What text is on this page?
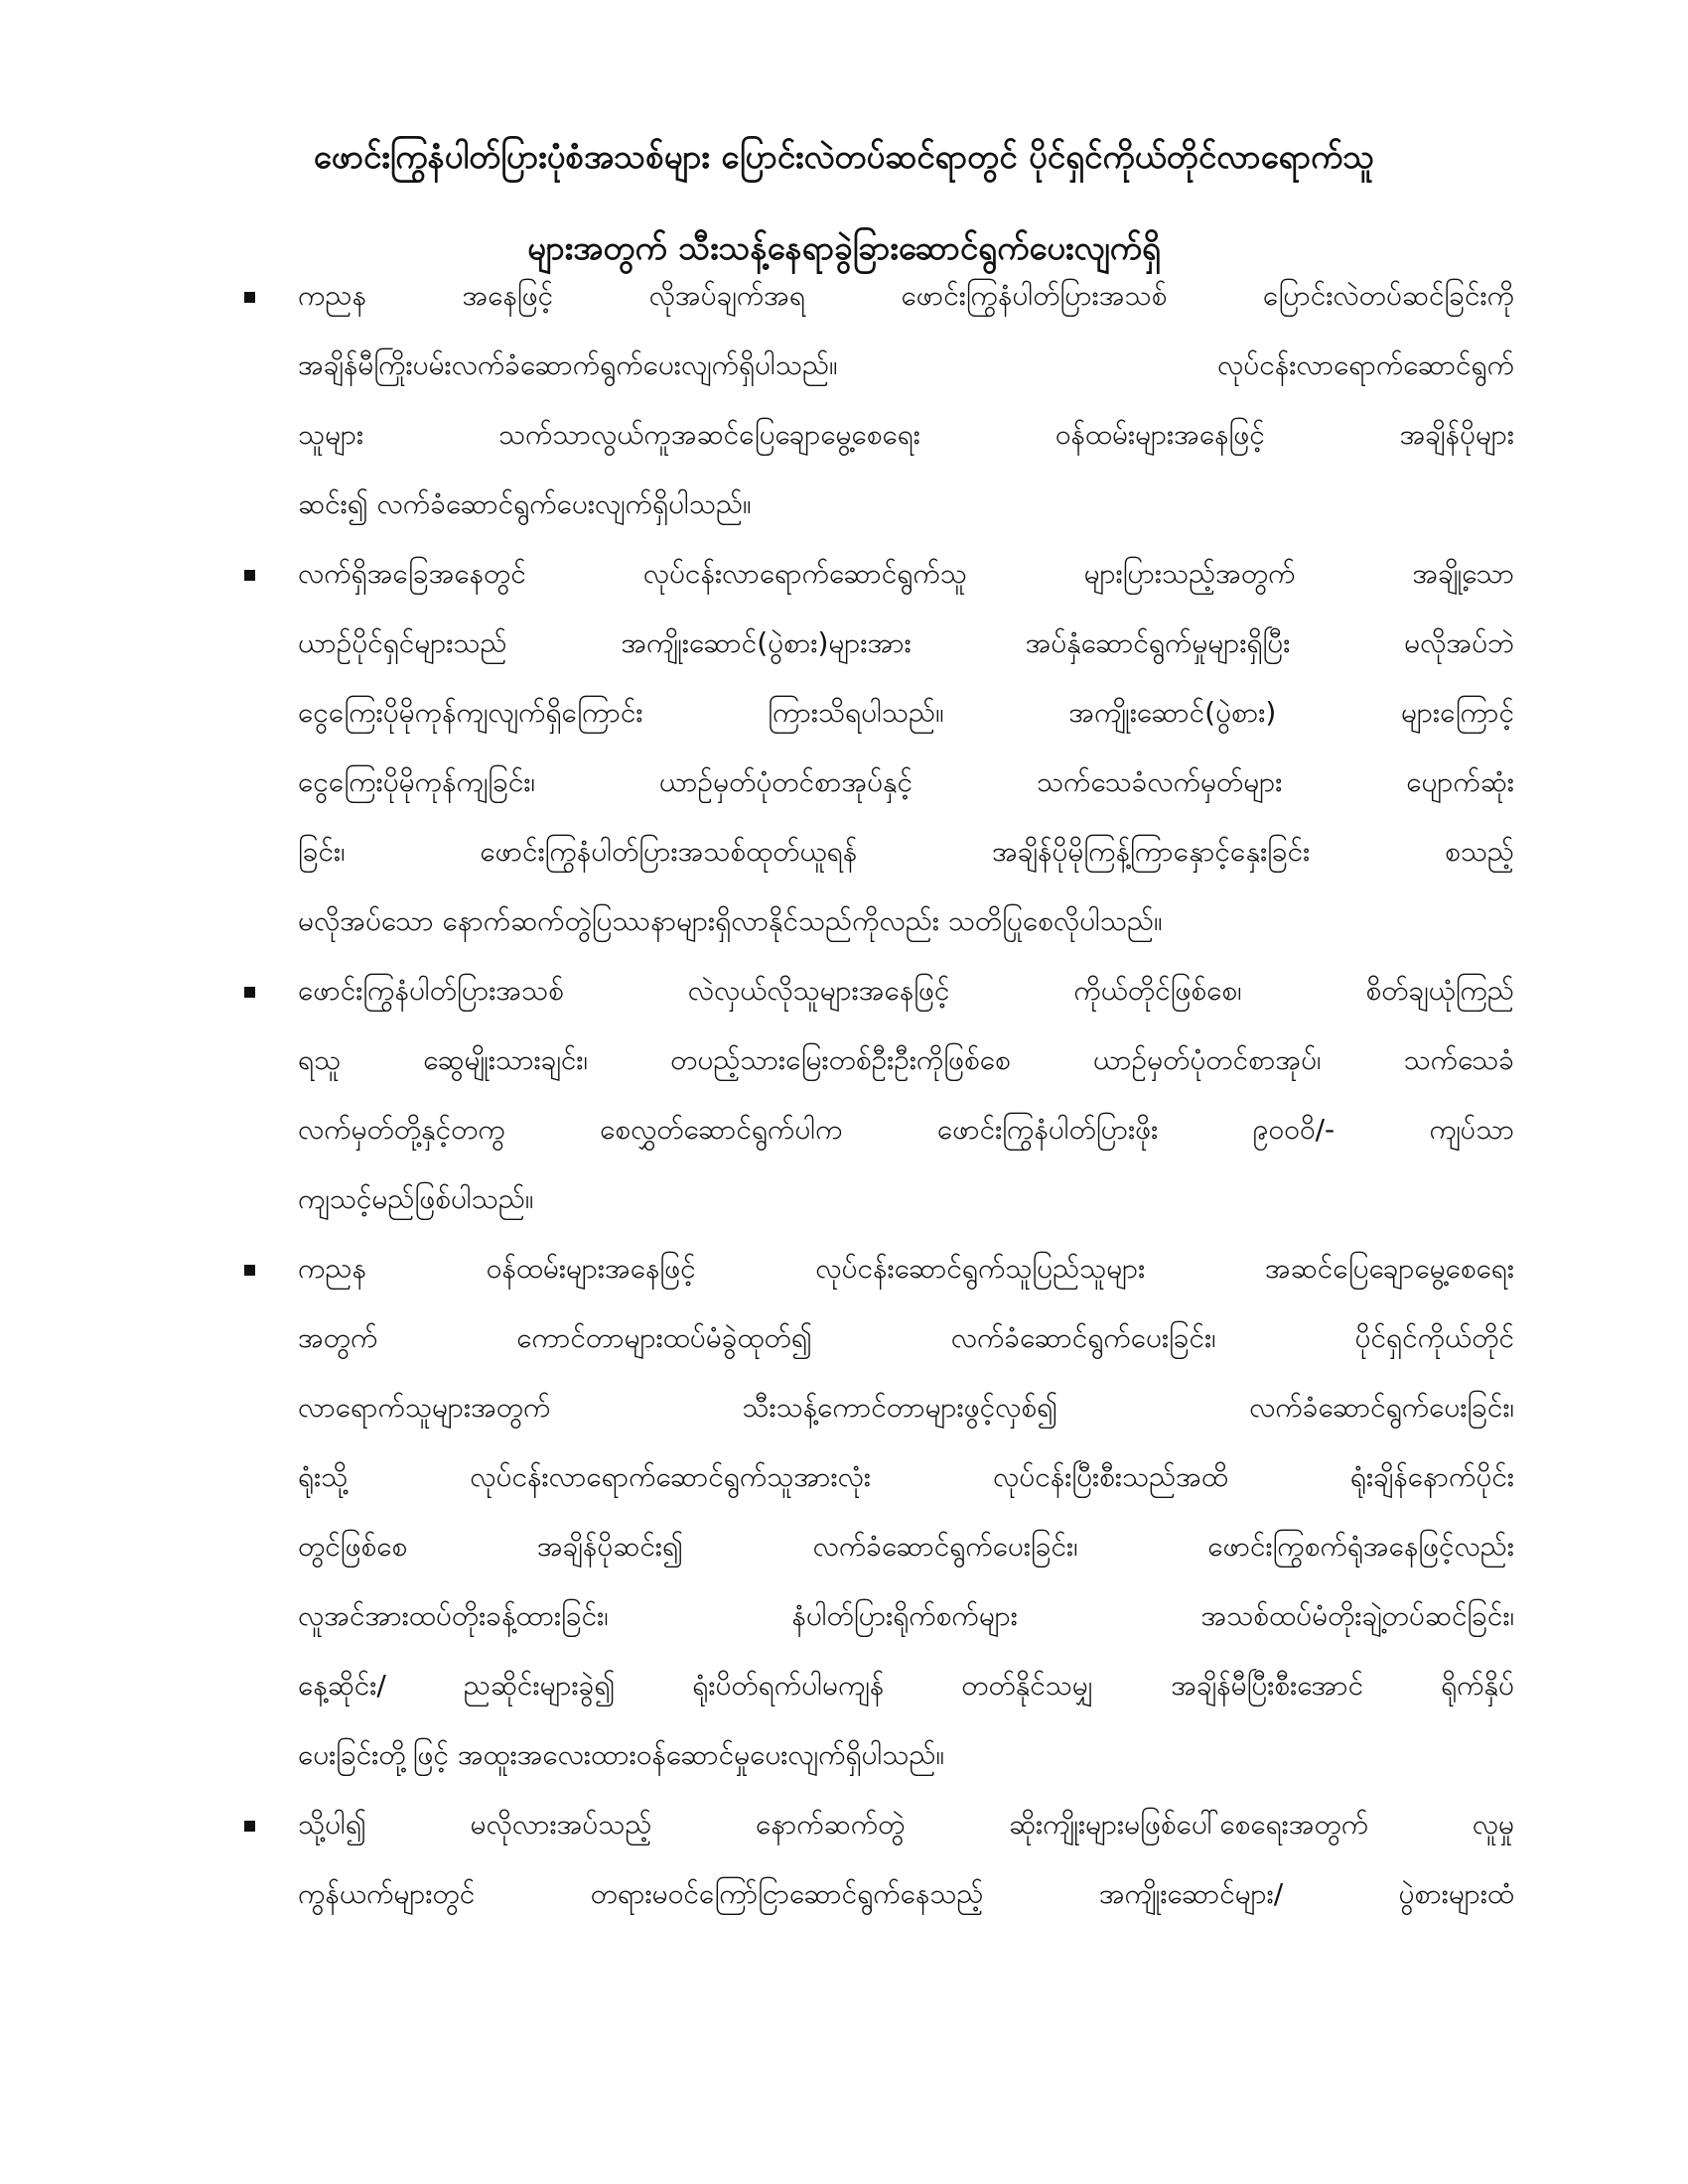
ဖောင်းကြွနံပါတ်ပြားပုံစံအသစ်များ ပြောင်းလဲတပ်ဆင်ရာတွင် ပိုင်ရှင်ကိုယ်တိုင်လာရောက်သူ
များအတွက် သီးသန့်နေရာခွဲခြားဆောင်ရွက်ပေးလျက်ရှိ
ကညန အနေဖြင့် လိုအပ်ချက်အရ ဖောင်းကြွနံပါတ်ပြားအသစ် ပြောင်းလဲတပ်ဆင်ခြင်းကို
အချိန်မီကြိုးပမ်းလက်ခံဆောက်ရွက်ပေးလျက်ရှိပါသည်။ လုပ်ငန်းလာရောက်ဆောင်ရွက်
သူများ သက်သာလွယ်ကူအဆင်ပြေချောမွေ့စေရေး ဝန်ထမ်းများအနေဖြင့် အချိန်ပိုများ
ဆင်း၍ လက်ခံဆောင်ရွက်ပေးလျက်ရှိပါသည်။
လက်ရှိအခြေအနေတွင် လုပ်ငန်းလာရောက်ဆောင်ရွက်သူ များပြားသည့်အတွက် အချို့သော
ယာဉ်ပိုင်ရှင်များသည် အကျိုးဆောင်(ပွဲစား)များအား အပ်နှံဆောင်ရွက်မှုများရှိပြီး မလိုအပ်ဘဲ
ငွေကြေးပိုမိုကုန်ကျလျက်ရှိကြောင်း ကြားသိရပါသည်။ အကျိုးဆောင်(ပွဲစား) များကြောင့်
ငွေကြေးပိုမိုကုန်ကျခြင်း၊ ယာဉ်မှတ်ပုံတင်စာအုပ်နှင့် သက်သေခံလက်မှတ်များ ပျောက်ဆုံး
ခြင်း၊ ဖောင်းကြွနံပါတ်ပြားအသစ်ထုတ်ယူရန် အချိန်ပိုမိုကြန့်ကြာနှောင့်နှေးခြင်း စသည့်
မလိုအပ်သော နောက်ဆက်တွဲပြဿနာများရှိလာနိုင်သည်ကိုလည်း သတိပြုစေလိုပါသည်။
ဖောင်းကြွနံပါတ်ပြားအသစ် လဲလှယ်လိုသူများအနေဖြင့် ကိုယ်တိုင်ဖြစ်စေ၊ စိတ်ချယုံကြည်
ရသူ ဆွေမျိုးသားချင်း၊ တပည့်သားမြေးတစ်ဦးဦးကိုဖြစ်စေ ယာဉ်မှတ်ပုံတင်စာအုပ်၊ သက်သေခံ
လက်မှတ်တို့နှင့်တကွ စေလွှတ်ဆောင်ရွက်ပါက ဖောင်းကြွနံပါတ်ပြားဖိုး ၉၀၀၀ိ/- ကျပ်သာ
ကျသင့်မည်ဖြစ်ပါသည်။
ကညန ဝန်ထမ်းများအနေဖြင့် လုပ်ငန်းဆောင်ရွက်သူပြည်သူများ အဆင်ပြေချောမွေ့စေရေး
အတွက် ကောင်တာများထပ်မံခွဲထုတ်၍ လက်ခံဆောင်ရွက်ပေးခြင်း၊ ပိုင်ရှင်ကိုယ်တိုင်
လာရောက်သူများအတွက် သီးသန့်ကောင်တာများဖွင့်လှစ်၍ လက်ခံဆောင်ရွက်ပေးခြင်း၊
ရုံးသို့ လုပ်ငန်းလာရောက်ဆောင်ရွက်သူအားလုံး လုပ်ငန်းပြီးစီးသည်အထိ ရုံးချိန်နောက်ပိုင်း
တွင်ဖြစ်စေ အချိန်ပိုဆင်း၍ လက်ခံဆောင်ရွက်ပေးခြင်း၊ ဖောင်းကြွစက်ရုံအနေဖြင့်လည်း
လူအင်အားထပ်တိုးခန့်ထားခြင်း၊ နံပါတ်ပြားရိုက်စက်များ အသစ်ထပ်မံတိုးချဲ့တပ်ဆင်ခြင်း၊
နေ့ဆိုင်း/ ညဆိုင်းများခွဲ၍ ရုံးပိတ်ရက်ပါမကျန် တတ်နိုင်သမျှ အချိန်မီပြီးစီးအောင် ရိုက်နှိပ်
ပေးခြင်းတို့ဖြင့် အထူးအလေးထားဝန်ဆောင်မှုပေးလျက်ရှိပါသည်။
သို့ပါ၍ မလိုလားအပ်သည့် နောက်ဆက်တွဲ ဆိုးကျိုးများမဖြစ်ပေါ်စေရေးအတွက် လူမှု
ကွန်ယက်များတွင် တရားမဝင်ကြော်ငြာဆောင်ရွက်နေသည့် အကျိုးဆောင်များ/ ပွဲစားများထံ
